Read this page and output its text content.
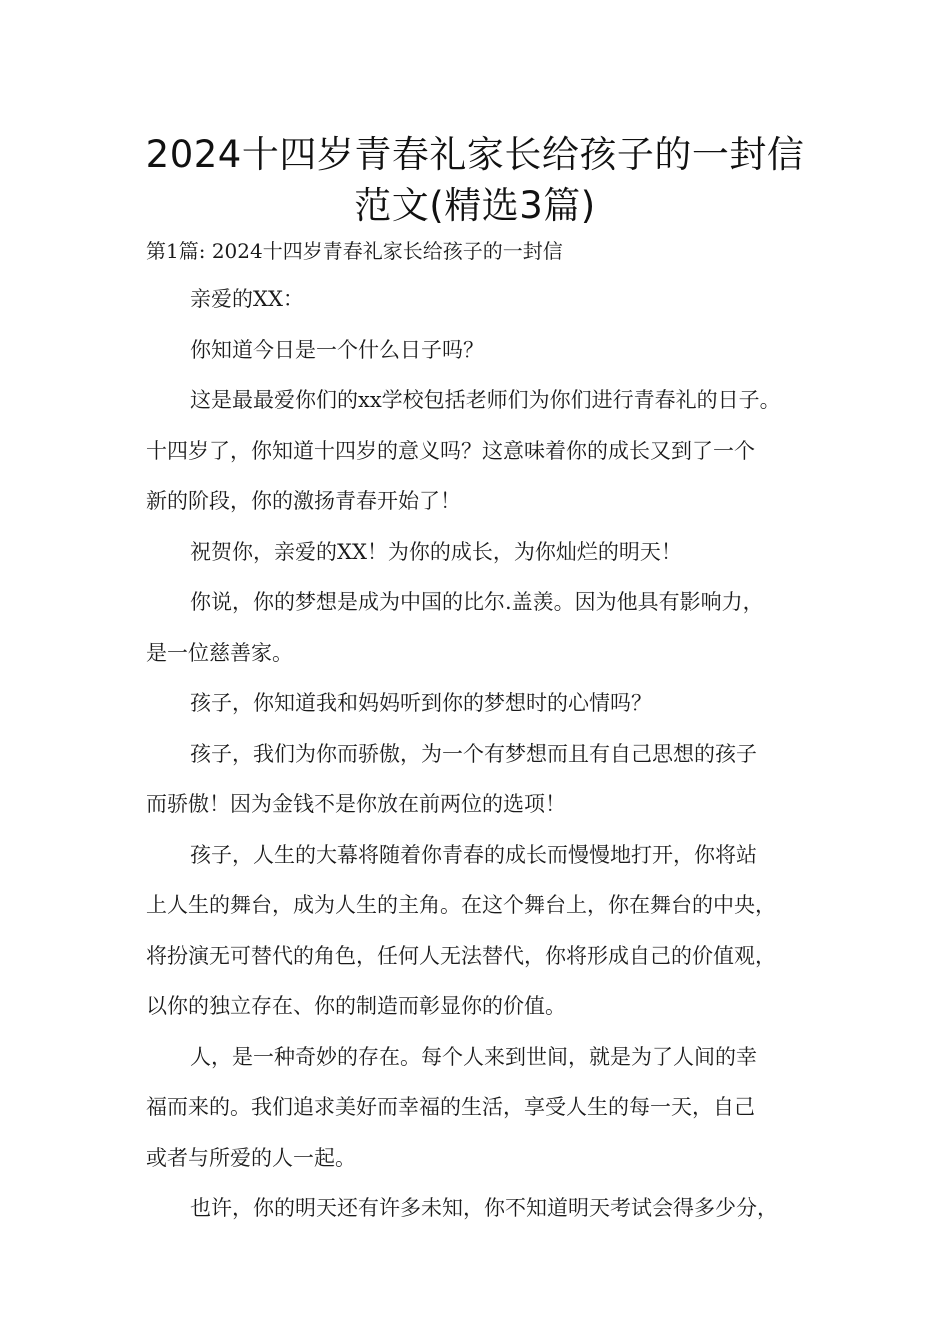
2024十四岁青春礼家长给孩子的一封信
范文(精选3篇)
第1篇: 2024十四岁青春礼家长给孩子的一封信
亲爱的XX：
你知道今日是一个什么日子吗？
这是最最爱你们的xx学校包括老师们为你们进行青春礼的日子。
十四岁了，你知道十四岁的意义吗？这意味着你的成长又到了一个
新的阶段，你的激扬青春开始了！
祝贺你，亲爱的XX！为你的成长，为你灿烂的明天！
你说，你的梦想是成为中国的比尔.盖羡。因为他具有影响力，
是一位慈善家。
孩子，你知道我和妈妈听到你的梦想时的心情吗？
孩子，我们为你而骄傲，为一个有梦想而且有自己思想的孩子
而骄傲！因为金钱不是你放在前两位的选项！
孩子，人生的大幕将随着你青春的成长而慢慢地打开，你将站
上人生的舞台，成为人生的主角。在这个舞台上，你在舞台的中央，
将扮演无可替代的角色，任何人无法替代，你将形成自己的价值观，
以你的独立存在、你的制造而彰显你的价值。
人，是一种奇妙的存在。每个人来到世间，就是为了人间的幸
福而来的。我们追求美好而幸福的生活，享受人生的每一天，自己
或者与所爱的人一起。
也许，你的明天还有许多未知，你不知道明天考试会得多少分，
